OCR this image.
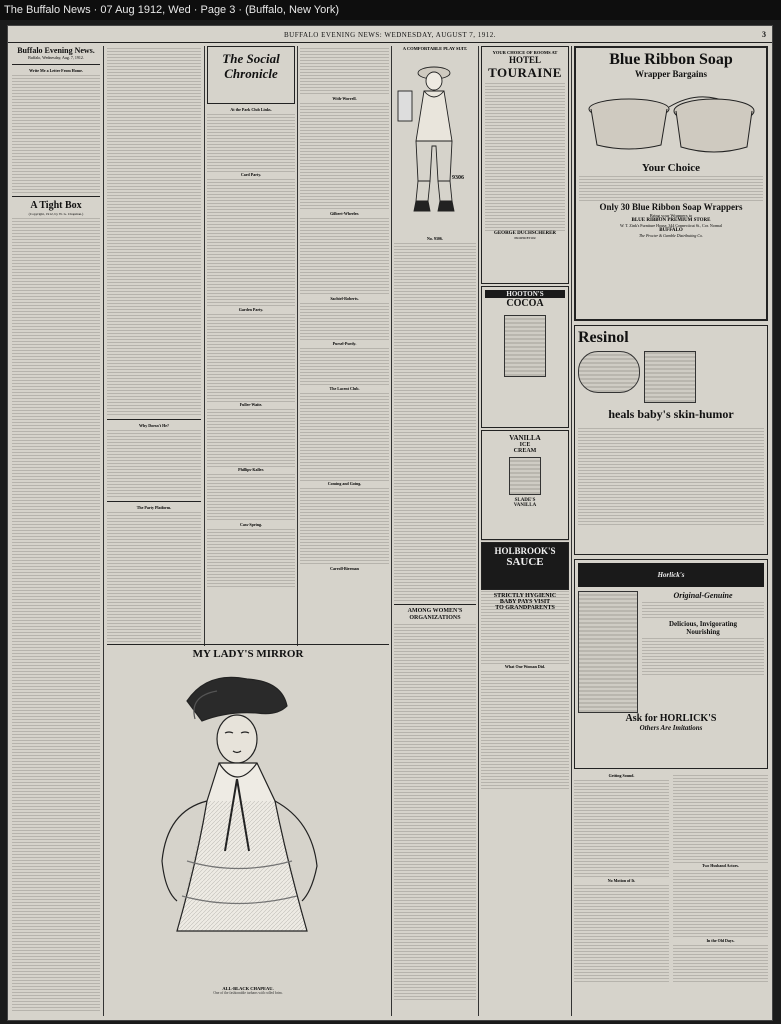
The Buffalo News · 07 Aug 1912, Wed · Page 3 · (Buffalo, New York)
BUFFALO EVENING NEWS: WEDNESDAY, AUGUST 7, 1912.	3
Buffalo Evening News.
Buffalo, Wednesday, Aug. 7, 1912.
Write Me a Letter From Home.
A Tight Box
(Copyright, 1912, by W. G. Chapman.)
Why Doesn't He?
The Party Platform.
The Social
Chronicle
At the Park Club Links.
Card Party.
Garden Party.
Fuller-Waite.
Phillips-Kaller.
Cass-Spring.
With-Worrell.
Gilbert-Wheeler.
Sachtel-Roberts.
Pursel-Purdy.
The Lacent Club.
Coming and Going.
Carroll-Bierman
MY LADY'S MIRROR
ALL-BLACK CHAPEAU.
One of the fashionable turbans with rolled brim.
A COMFORTABLE PLAY SUIT.
9306
No. 9306.
AMONG WOMEN'S ORGANIZATIONS
YOUR CHOICE OF ROOMS AT
HOTEL
TOURAINE
GEORGE DUCHSCHERER
PROPRIETOR
What One Woman Did.
HOOTON'S
COCOA
VANILLA
ICE
CREAM
SLADE'S
VANILLA
HOLBROOK'S
SAUCE
STRICTLY HYGIENIC
BABY PAYS VISIT
TO GRANDPARENTS
Blue Ribbon Soap
Wrapper Bargains
Your Choice
Only 30 Blue Ribbon Soap Wrappers
Bring your Wrappers to
BLUE RIBBON PREMIUM STORE
W. T. Zink's Furniture House, 344 Connecticut St., Cor. Normal
BUFFALO
The Procter & Gamble Distributing Co.
Resinol
heals baby's skin-humor
Horlick's
Original-Genuine
Delicious, Invigorating
Nourishing
Ask for HORLICK'S
Others Are Imitations
Getting Sound.
No Motion of It.
Two Husband Actors.
In the Old Days.
